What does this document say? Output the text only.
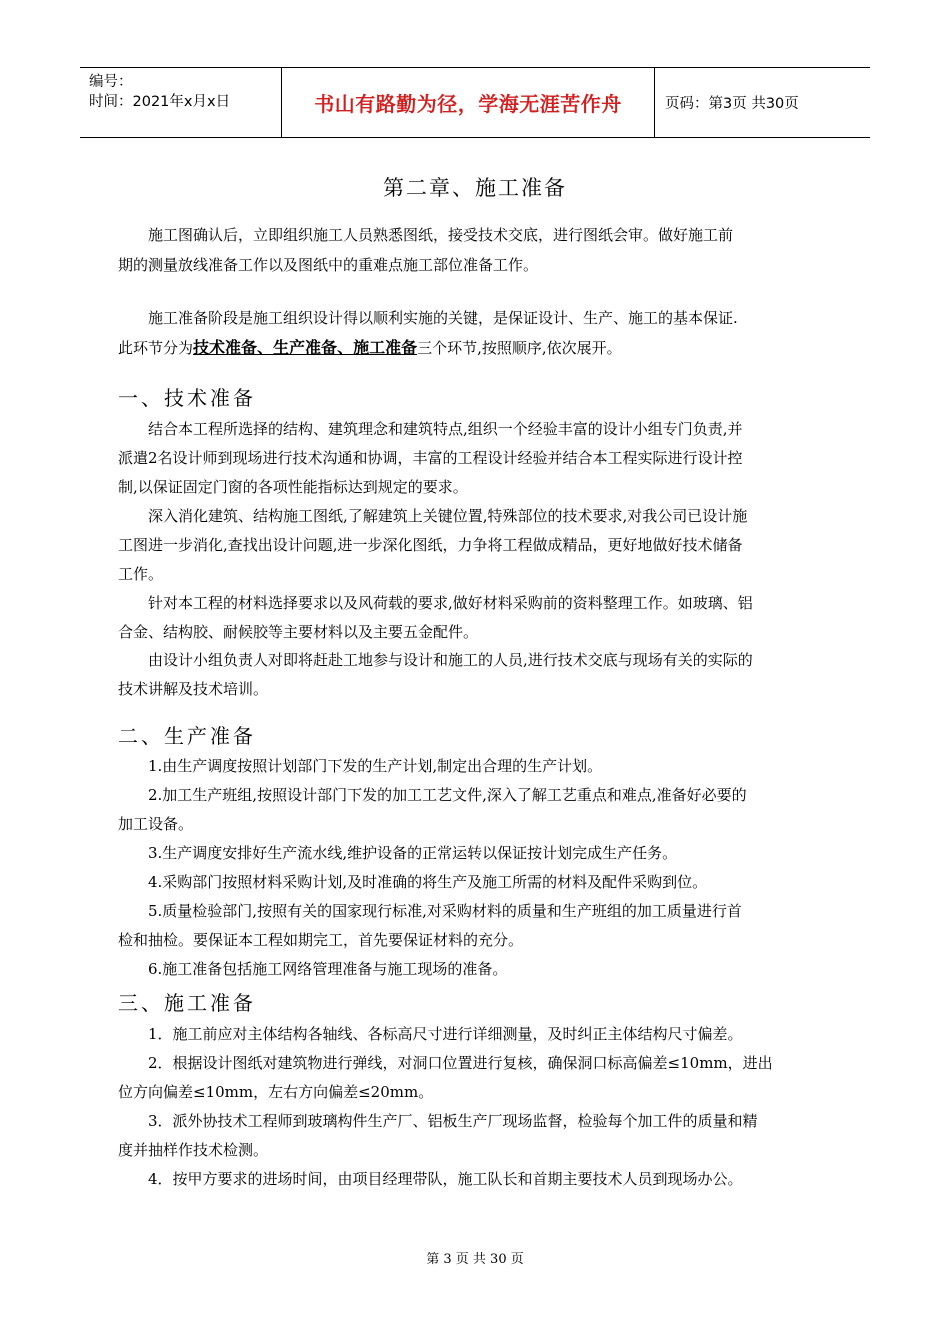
编号：
时间：2021年x月x日	书山有路勤为径，学海无涯苦作舟	页码：第3页 共30页
第二章、施工准备
施工图确认后，立即组织施工人员熟悉图纸，接受技术交底，进行图纸会审。做好施工前
期的测量放线准备工作以及图纸中的重难点施工部位准备工作。
施工准备阶段是施工组织设计得以顺利实施的关键，是保证设计、生产、施工的基本保证.
此环节分为技术准备、生产准备、施工准备三个环节,按照顺序,依次展开。
一、技术准备
结合本工程所选择的结构、建筑理念和建筑特点,组织一个经验丰富的设计小组专门负责,并
派遣2名设计师到现场进行技术沟通和协调，丰富的工程设计经验并结合本工程实际进行设计控
制,以保证固定门窗的各项性能指标达到规定的要求。
深入消化建筑、结构施工图纸,了解建筑上关键位置,特殊部位的技术要求,对我公司已设计施
工图进一步消化,查找出设计问题,进一步深化图纸，力争将工程做成精品，更好地做好技术储备
工作。
针对本工程的材料选择要求以及风荷载的要求,做好材料采购前的资料整理工作。如玻璃、铝
合金、结构胶、耐候胶等主要材料以及主要五金配件。
由设计小组负责人对即将赶赴工地参与设计和施工的人员,进行技术交底与现场有关的实际的
技术讲解及技术培训。
二、生产准备
1.由生产调度按照计划部门下发的生产计划,制定出合理的生产计划。
2.加工生产班组,按照设计部门下发的加工工艺文件,深入了解工艺重点和难点,准备好必要的
加工设备。
3.生产调度安排好生产流水线,维护设备的正常运转以保证按计划完成生产任务。
4.采购部门按照材料采购计划,及时准确的将生产及施工所需的材料及配件采购到位。
5.质量检验部门,按照有关的国家现行标准,对采购材料的质量和生产班组的加工质量进行首
检和抽检。要保证本工程如期完工，首先要保证材料的充分。
6.施工准备包括施工网络管理准备与施工现场的准备。
三、施工准备
1．施工前应对主体结构各轴线、各标高尺寸进行详细测量，及时纠正主体结构尺寸偏差。
2．根据设计图纸对建筑物进行弹线，对洞口位置进行复核，确保洞口标高偏差≤10mm，进出
位方向偏差≤10mm，左右方向偏差≤20mm。
3．派外协技术工程师到玻璃构件生产厂、铝板生产厂现场监督，检验每个加工件的质量和精
度并抽样作技术检测。
4．按甲方要求的进场时间，由项目经理带队，施工队长和首期主要技术人员到现场办公。
第 3 页 共 30 页
